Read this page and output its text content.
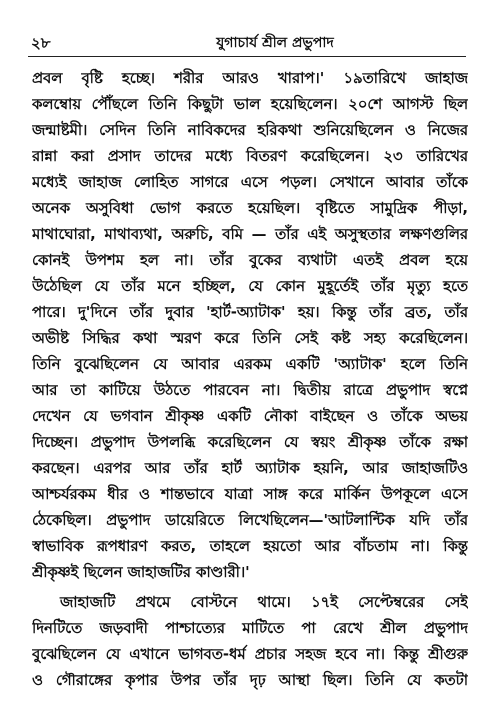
২৮	যুগাচার্য শ্রীল প্রভুপাদ
প্রবল বৃষ্টি হচ্ছে। শরীর আরও খারাপ।' ১৯তারিখে জাহাজ
কলম্বোয় পৌঁছলে তিনি কিছুটা ভাল হয়েছিলেন। ২০শে আগস্ট ছিল
জন্মাষ্টমী। সেদিন তিনি নাবিকদের হরিকথা শুনিয়েছিলেন ও নিজের
রান্না করা প্রসাদ তাদের মধ্যে বিতরণ করেছিলেন। ২৩ তারিখের
মধ্যেই জাহাজ লোহিত সাগরে এসে পড়ল। সেখানে আবার তাঁকে
অনেক অসুবিধা ভোগ করতে হয়েছিল। বৃষ্টিতে সামুদ্রিক পীড়া,
মাথাঘোরা, মাথাব্যথা, অরুচি, বমি — তাঁর এই অসুস্থতার লক্ষণগুলির
কোনই উপশম হল না। তাঁর বুকের ব্যথাটা এতই প্রবল হয়ে
উঠেছিল যে তাঁর মনে হচ্ছিল, যে কোন মুহূর্তেই তাঁর মৃত্যু হতে
পারে। দু'দিনে তাঁর দুবার 'হার্ট-অ্যাটাক' হয়। কিন্তু তাঁর ব্রত, তাঁর
অভীষ্ট সিদ্ধির কথা স্মরণ করে তিনি সেই কষ্ট সহ্য করেছিলেন।
তিনি বুঝেছিলেন যে আবার এরকম একটি 'অ্যাটাক' হলে তিনি
আর তা কাটিয়ে উঠতে পারবেন না। দ্বিতীয় রাত্রে প্রভুপাদ স্বপ্নে
দেখেন যে ভগবান শ্রীকৃষ্ণ একটি নৌকা বাইছেন ও তাঁকে অভয়
দিচ্ছেন। প্রভুপাদ উপলব্ধি করেছিলেন যে স্বয়ং শ্রীকৃষ্ণ তাঁকে রক্ষা
করছেন। এরপর আর তাঁর হার্ট অ্যাটাক হয়নি, আর জাহাজটিও
আশ্চর্যরকম ধীর ও শান্তভাবে যাত্রা সাঙ্গ করে মার্কিন উপকূলে এসে
ঠেকেছিল। প্রভুপাদ ডায়েরিতে লিখেছিলেন—'আটলান্টিক যদি তাঁর
স্বাভাবিক রূপধারণ করত, তাহলে হয়তো আর বাঁচতাম না। কিন্তু
শ্রীকৃষ্ণই ছিলেন জাহাজটির কাণ্ডারী।'
জাহাজটি প্রথমে বোস্টনে থামে। ১৭ই সেপ্টেম্বরের সেই
দিনটিতে জড়বাদী পাশ্চাত্যের মাটিতে পা রেখে শ্রীল প্রভুপাদ
বুঝেছিলেন যে এখানে ভাগবত-ধর্ম প্রচার সহজ হবে না। কিন্তু শ্রীগুরু
ও গৌরাঙ্গের কৃপার উপর তাঁর দৃঢ় আস্থা ছিল। তিনি যে কতটা
